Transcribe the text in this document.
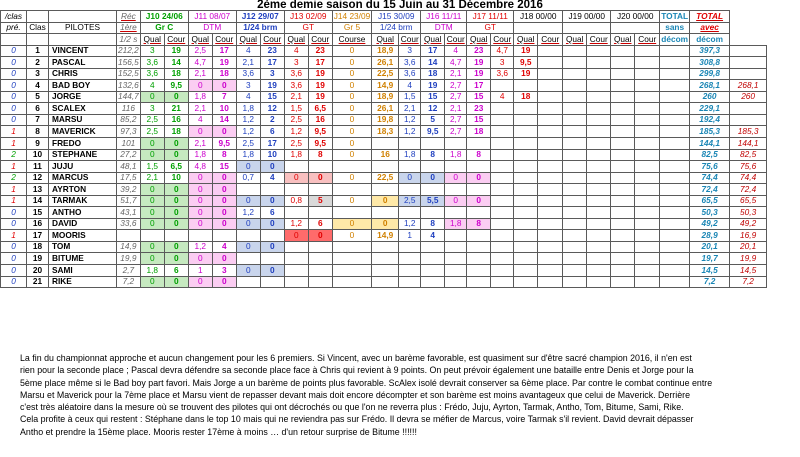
2ème demie saison du 15 Juin au 31 Décembre 2016
/clas			Réc	J10 24/06		J11 08/07		J12 29/07		J13 02/09		J14 23/09	J15 30/09		J16 11/11		J17 11/11		J18 00/00		J19 00/00		J20 00/00		TOTAL	TOTAL	
pré.	Clas	PILOTES	1ère	Gr C		DTM		1/24 brm		GT		Gr 5	1/24 brm		DTM		GT								sans	avec	
			1/2 s	Qual	Cour	Qual	Cour	Qual	Cour	Qual	Cour	Course	Qual	Cour	Qual	Cour	Qual	Cour	Qual	Cour	Qual	Cour	Qual	Cour	décom	décom	
0	1	VINCENT	212,2	3	19	2,5	17	4	23	4	23	0	18,9	3	17	4	23	4,7	19							397,3	
0	2	PASCAL	156,5	3,6	14	4,7	19	2,1	17	3	17	0	26,1	3,6	14	4,7	19	3	9,5							308,8	
0	3	CHRIS	152,5	3,6	18	2,1	18	3,6	3	3,6	19	0	22,5	3,6	18	2,1	19	3,6	19							299,8	
0	4	BAD BOY	132,6	4	9,5	0	0	3	19	3,6	19	0	14,9	4	19	2,7	17									268,1	268,1
0	5	JORGE	144,7	0	0	1,8	7	4	15	2,1	19	0	18,9	1,5	15	2,7	15	4	18							260	260
0	6	SCALEX	116	3	21	2,1	10	1,8	12	1,5	6,5	0	26,1	2,1	12	2,1	23									229,1	
0	7	MARSU	85,2	2,5	16	4	14	1,2	2	2,5	16	0	19,8	1,2	5	2,7	15									192,4	
1	8	MAVERICK	97,3	2,5	18	0	0	1,2	6	1,2	9,5	0	18,3	1,2	9,5	2,7	18									185,3	185,3
1	9	FREDO	101	0	0	2,1	9,5	2,5	17	2,5	9,5	0														144,1	144,1
2	10	STEPHANE	27,2	0	0	1,8	8	1,8	10	1,8	8	0	16	1,8	8	1,8	8									82,5	82,5
1	11	JUJU	48,1	1,5	6,5	4,8	15	0	0																	75,6	75,6
2	12	MARCUS	17,5	2,1	10	0	0	0,7	4	0	0	0	22,5	0	0	0	0									74,4	74,4
1	13	AYRTON	39,2	0	0	0	0																			72,4	72,4
1	14	TARMAK	51,7	0	0	0	0	0	0	0,8	5	0	0	2,5	5,5	0	0									65,5	65,5
0	15	ANTHO	43,1	0	0	0	0	1,2	6																	50,3	50,3
0	16	DAVID	33,6	0	0	0	0	0	0	1,2	6	0	0	1,2	8	1,8	8									49,2	49,2
1	17	MOORIS								0	0	0	14,9	1	4											28,9	16,9
0	18	TOM	14,9	0	0	1,2	4	0	0																	20,1	20,1
0	19	BITUME	19,9	0	0	0	0																			19,7	19,9
0	20	SAMI	2,7	1,8	6	1	3	0	0																	14,5	14,5
0	21	RIKE	7,2	0	0	0	0																			7,2	7,2

La fin du championnat approche et aucun changement pour les 6 premiers. Si Vincent, avec un barème favorable, est quasiment sur d'être sacré champion 2016, il n'en est

rien pour la seconde place ; Pascal devra défendre sa seconde place face à Chris qui revient à 9 points. On peut prévoir également une bataille entre Denis et Jorge pour la

5ème place même si le Bad boy part favori. Mais Jorge a un barème de points plus favorable. ScAlex isolé devrait conserver sa 6ème place. Par contre le combat continue entre

Marsu et Maverick pour la 7ème place et Marsu vient de repasser devant mais doit encore décompter et son barème est moins avantageux que celui de Maverick. Derrière

c'est très aléatoire dans la mesure où se trouvent des pilotes qui ont décrochés ou que l'on ne reverra plus : Frédo, Juju, Ayrton, Tarmak, Antho, Tom, Bitume, Sami, Rike.

Cela profite à ceux qui restent : Stéphane dans le top 10 mais qui ne reviendra pas sur Frédo. Il devra se méfier de Marcus, voire Tarmak s'il revient. David devrait dépasser

Antho et prendre la 15ème place. Mooris rester 17ème à moins … d'un retour surprise de Bitume !!!!!!
